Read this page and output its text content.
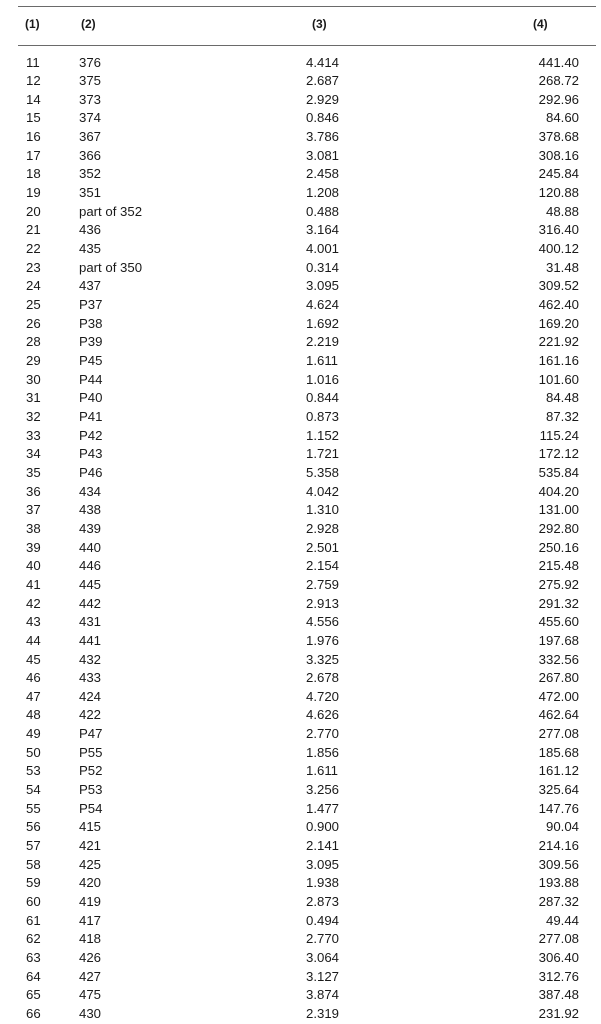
(1)	(2)	(3)	(4)
11	376	4.414	441.40
12	375	2.687	268.72
14	373	2.929	292.96
15	374	0.846	84.60
16	367	3.786	378.68
17	366	3.081	308.16
18	352	2.458	245.84
19	351	1.208	120.88
20	part of 352	0.488	48.88
21	436	3.164	316.40
22	435	4.001	400.12
23	part of 350	0.314	31.48
24	437	3.095	309.52
25	P37	4.624	462.40
26	P38	1.692	169.20
28	P39	2.219	221.92
29	P45	1.611	161.16
30	P44	1.016	101.60
31	P40	0.844	84.48
32	P41	0.873	87.32
33	P42	1.152	115.24
34	P43	1.721	172.12
35	P46	5.358	535.84
36	434	4.042	404.20
37	438	1.310	131.00
38	439	2.928	292.80
39	440	2.501	250.16
40	446	2.154	215.48
41	445	2.759	275.92
42	442	2.913	291.32
43	431	4.556	455.60
44	441	1.976	197.68
45	432	3.325	332.56
46	433	2.678	267.80
47	424	4.720	472.00
48	422	4.626	462.64
49	P47	2.770	277.08
50	P55	1.856	185.68
53	P52	1.611	161.12
54	P53	3.256	325.64
55	P54	1.477	147.76
56	415	0.900	90.04
57	421	2.141	214.16
58	425	3.095	309.56
59	420	1.938	193.88
60	419	2.873	287.32
61	417	0.494	49.44
62	418	2.770	277.08
63	426	3.064	306.40
64	427	3.127	312.76
65	475	3.874	387.48
66	430	2.319	231.92
